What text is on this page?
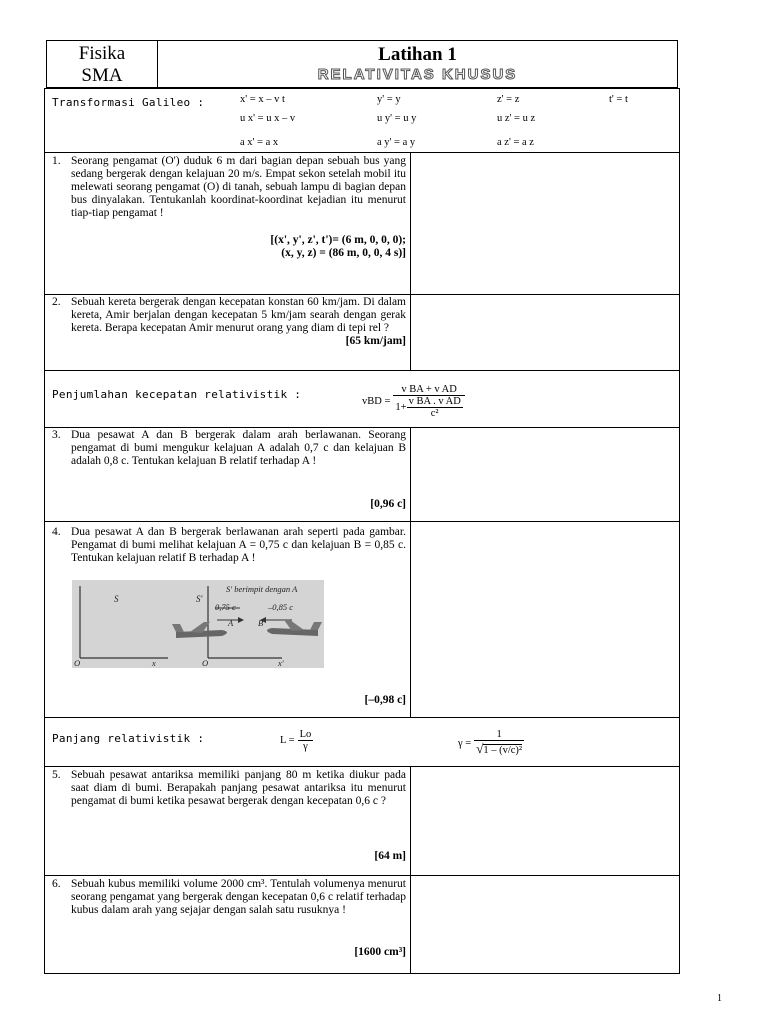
Fisika
SMA
Latihan 1
RELATIVITAS KHUSUS
Transformasi Galileo :	x' = x – v t	y' = y	z' = z	t' = t
u x' = u x – v	u y' = u y	u z' = u z
a x' = a x	a y' = a y	a z' = a z
1. Seorang pengamat (O') duduk 6 m dari bagian depan sebuah bus yang sedang bergerak dengan kelajuan 20 m/s. Empat sekon setelah mobil itu melewati seorang pengamat (O) di tanah, sebuah lampu di bagian depan bus dinyalakan. Tentukanlah koordinat-koordinat kejadian itu menurut tiap-tiap pengamat !
[(x', y', z', t')= (6 m, 0, 0, 0);
(x, y, z) = (86 m, 0, 0, 4 s)]
2. Sebuah kereta bergerak dengan kecepatan konstan 60 km/jam. Di dalam kereta, Amir berjalan dengan kecepatan 5 km/jam searah dengan gerak kereta. Berapa kecepatan Amir menurut orang yang diam di tepi rel ?
[65 km/jam]
Penjumlahan kecepatan relativistik :	vBD = $\frac{\text{v BA + v AD}}{1+ \frac{\text{v BA . v AD}}{\text{c²}}}$
3. Dua pesawat A dan B bergerak dalam arah berlawanan. Seorang pengamat di bumi mengukur kelajuan A adalah 0,7 c dan kelajuan B adalah 0,8 c. Tentukan kelajuan B relatif terhadap A !
[0,96 c]
4. Dua pesawat A dan B bergerak berlawanan arah seperti pada gambar. Pengamat di bumi melihat kelajuan A = 0,75 c dan kelajuan B = 0,85 c. Tentukan kelajuan relatif B terhadap A !
S	S'
S' berimpit dengan A
0,75 c	–0,85 c
A	B
O	x	O	x'
[–0,98 c]
Panjang relativistik :	$L = \frac{Lo}{\gamma}$	$\gamma = \frac{1}{\text{√1 – (v/c)²}}$
5. Sebuah pesawat antariksa memiliki panjang 80 m ketika diukur pada saat diam di bumi. Berapakah panjang pesawat antariksa itu menurut pengamat di bumi ketika pesawat bergerak dengan kecepatan 0,6 c ?
[64 m]
6. Sebuah kubus memiliki volume 2000 cm³. Tentulah volumenya menurut seorang pengamat yang bergerak dengan kecepatan 0,6 c relatif terhadap kubus dalam arah yang sejajar dengan salah satu rusuknya !
[1600 cm³]
1
